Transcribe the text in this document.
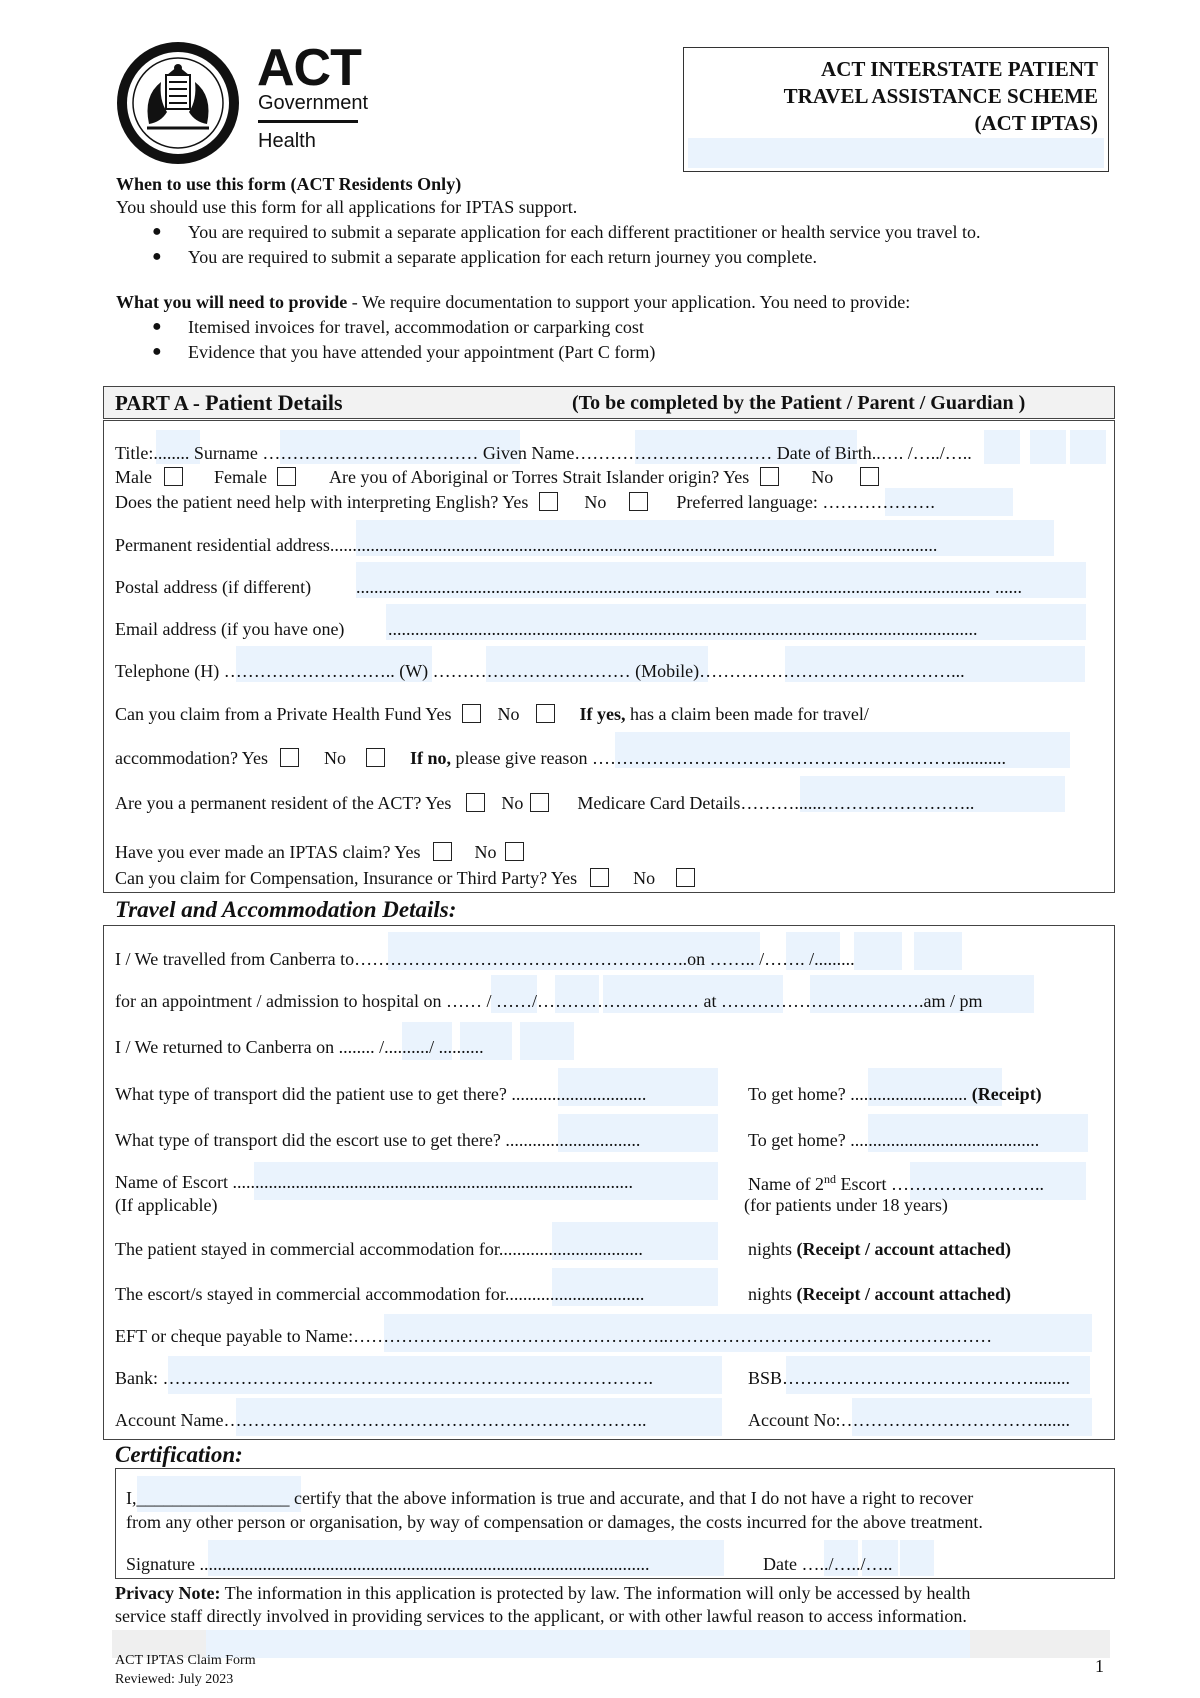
ACT
Government
Health
ACT INTERSTATE PATIENT
TRAVEL ASSISTANCE SCHEME
(ACT IPTAS)
When to use this form (ACT Residents Only)
You should use this form for all applications for IPTAS support.
● You are required to submit a separate application for each different practitioner or health service you travel to.
● You are required to submit a separate application for each return journey you complete.
What you will need to provide - We require documentation to support your application. You need to provide:
● Itemised invoices for travel, accommodation or carparking cost
● Evidence that you have attended your appointment (Part C form)
PART A - Patient Details	(To be completed by the Patient / Parent / Guardian )
Title:........ Surname ……………………………… Given Name…………………………… Date of Birth..…. /…../…..
Male	Female	Are you of Aboriginal or Torres Strait Islander origin? Yes	No
Does the patient need help with interpreting English? Yes	No	Preferred language: ……………….
Permanent residential address.......................................................................................................................................
Postal address (if different) ............................................................................................................................................. ......
Email address (if you have one) ...................................................................................................................................
Telephone (H) ……………………….. (W) …………………………… (Mobile)……………………………………...
Can you claim from a Private Health Fund Yes	No	If yes, has a claim been made for travel/
accommodation? Yes	No	If no, please give reason ……………………………………………………............
Are you a permanent resident of the ACT? Yes	No	Medicare Card Details………......……………………..
Have you ever made an IPTAS claim? Yes	No
Can you claim for Compensation, Insurance or Third Party? Yes	No
Travel and Accommodation Details:
I / We travelled from Canberra to………………………………………………..on …….. /……. /.........
for an appointment / admission to hospital on …… / ……/……………………… at …………………………….am / pm
I / We returned to Canberra on ........ /........../ ..........
What type of transport did the patient use to get there? ..............................	To get home? .......................... (Receipt)
What type of transport did the escort use to get there? ..............................	To get home? ..........................................
Name of Escort .........................................................................................
(If applicable)
Name of 2nd Escort ……………………..
(for patients under 18 years)
The patient stayed in commercial accommodation for................................	nights (Receipt / account attached)
The escort/s stayed in commercial accommodation for...............................	nights (Receipt / account attached)
EFT or cheque payable to Name:……………………………………………..………………………………………………
Bank: ……………………………………………………………………….	BSB……………………………………........
Account Name……………………………………………………………..	Account No:…………………………….......
Certification:
I,_________________ certify that the above information is true and accurate, and that I do not have a right to recover
from any other person or organisation, by way of compensation or damages, the costs incurred for the above treatment.
Signature ....................................................................................................	Date …../…../…..
Privacy Note: The information in this application is protected by law. The information will only be accessed by health
service staff directly involved in providing services to the applicant, or with other lawful reason to access information.
ACT IPTAS Claim Form
Reviewed: July 2023
1
